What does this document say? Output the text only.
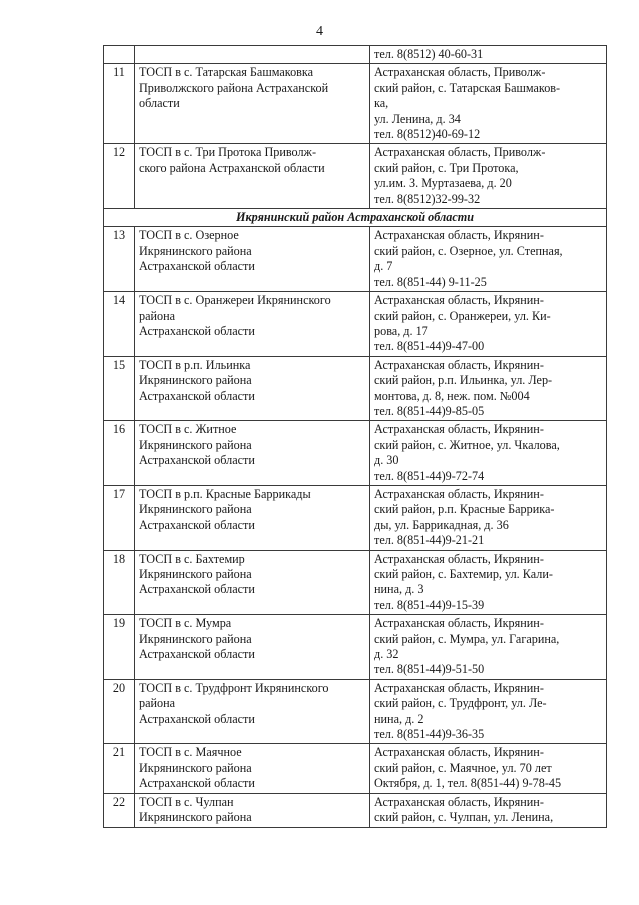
4

		тел. 8(8512) 40-60-31

11	ТОСП в с. Татарская Башмаковка
Приволжского района Астраханской
области	Астраханская область, Приволж-
ский район, с. Татарская Башмаков-
ка,
ул. Ленина, д. 34
тел. 8(8512)40-69-12

12	ТОСП в с. Три Протока Приволж-
ского района Астраханской области	Астраханская область, Приволж-
ский район, с. Три Протока,
ул.им. З. Муртазаева, д. 20
тел. 8(8512)32-99-32

Икрянинский район Астраханской области		
13	ТОСП в с. Озерное
Икрянинского района
Астраханской области	Астраханская область, Икрянин-
ский район, с. Озерное, ул. Степная,
д. 7
тел. 8(851-44) 9-11-25

14	ТОСП в с. Оранжереи Икрянинского
района
Астраханской области	Астраханская область, Икрянин-
ский район, с. Оранжереи, ул. Ки-
рова, д. 17
тел. 8(851-44)9-47-00

15	ТОСП в р.п. Ильинка
Икрянинского района
Астраханской области	Астраханская область, Икрянин-
ский район, р.п. Ильинка, ул. Лер-
монтова, д. 8, неж. пом. №004
тел. 8(851-44)9-85-05

16	ТОСП в с. Житное
Икрянинского района
Астраханской области	Астраханская область, Икрянин-
ский район, с. Житное, ул. Чкалова,
д. 30
тел. 8(851-44)9-72-74

17	ТОСП в р.п. Красные Баррикады
Икрянинского района
Астраханской области	Астраханская область, Икрянин-
ский район, р.п. Красные Баррика-
ды, ул. Баррикадная, д. 36
тел. 8(851-44)9-21-21

18	ТОСП в с. Бахтемир
Икрянинского района
Астраханской области	Астраханская область, Икрянин-
ский район, с. Бахтемир, ул. Кали-
нина, д. 3
тел. 8(851-44)9-15-39

19	ТОСП в с. Мумра
Икрянинского района
Астраханской области	Астраханская область, Икрянин-
ский район, с. Мумра, ул. Гагарина,
д. 32
тел. 8(851-44)9-51-50

20	ТОСП в с. Трудфронт Икрянинского
района
Астраханской области	Астраханская область, Икрянин-
ский район, с. Трудфронт, ул. Ле-
нина, д. 2
тел. 8(851-44)9-36-35

21	ТОСП в с. Маячное
Икрянинского района
Астраханской области	Астраханская область, Икрянин-
ский район, с. Маячное, ул. 70 лет
Октября, д. 1, тел. 8(851-44) 9-78-45

22	ТОСП в с. Чулпан
Икрянинского района	Астраханская область, Икрянин-
ский район, с. Чулпан, ул. Ленина,
